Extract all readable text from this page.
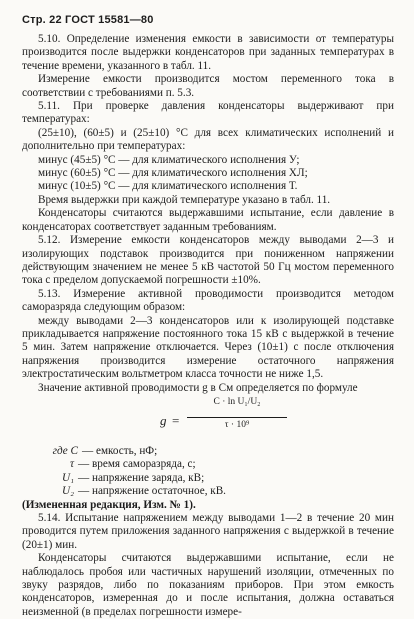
Стр. 22 ГОСТ 15581—80

5.10. Определение изменения емкости в зависимости от температуры производится после выдержки конденсаторов при заданных температурах в течение времени, указанного в табл. 11.

Измерение емкости производится мостом переменного тока в соответствии с требованиями п. 5.3.

5.11. При проверке давления конденсаторы выдерживают при температурах:

(25±10), (60±5) и (25±10) °С для всех климатических исполнений и дополнительно при температурах:

минус (45±5) °С — для климатического исполнения У;

минус (60±5) °С — для климатического исполнения ХЛ;

минус (10±5) °С — для климатического исполнения Т.

Время выдержки при каждой температуре указано в табл. 11.

Конденсаторы считаются выдержавшими испытание, если давление в конденсаторах соответствует заданным требованиям.

5.12. Измерение емкости конденсаторов между выводами 2—3 и изолирующих подставок производится при пониженном напряжении действующим значением не менее 5 кВ частотой 50 Гц мостом переменного тока с пределом допускаемой погрешности ±10%.

5.13. Измерение активной проводимости производится методом саморазряда следующим образом:

между выводами 2—3 конденсаторов или к изолирующей подставке прикладывается напряжение постоянного тока 15 кВ с выдержкой в течение 5 мин. Затем напряжение отключается. Через (10±1) с после отключения напряжения производится измерение остаточного напряжения электростатическим вольтметром класса точности не ниже 1,5.

Значение активной проводимости g в См определяется по формуле

g =
C · ln U₁/U₂
τ · 10⁹
где C — емкость, нФ;
τ — время саморазряда, с;
U₁ — напряжение заряда, кВ;
U₂ — напряжение остаточное, кВ.

(Измененная редакция, Изм. № 1).

5.14. Испытание напряжением между выводами 1—2 в течение 20 мин проводится путем приложения заданного напряжения с выдержкой в течение (20±1) мин.

Конденсаторы считаются выдержавшими испытание, если не наблюдалось пробоя или частичных нарушений изоляции, отмеченных по звуку разрядов, либо по показаниям приборов. При этом емкость конденсаторов, измеренная до и после испытания, должна оставаться неизменной (в пределах погрешности измере-
